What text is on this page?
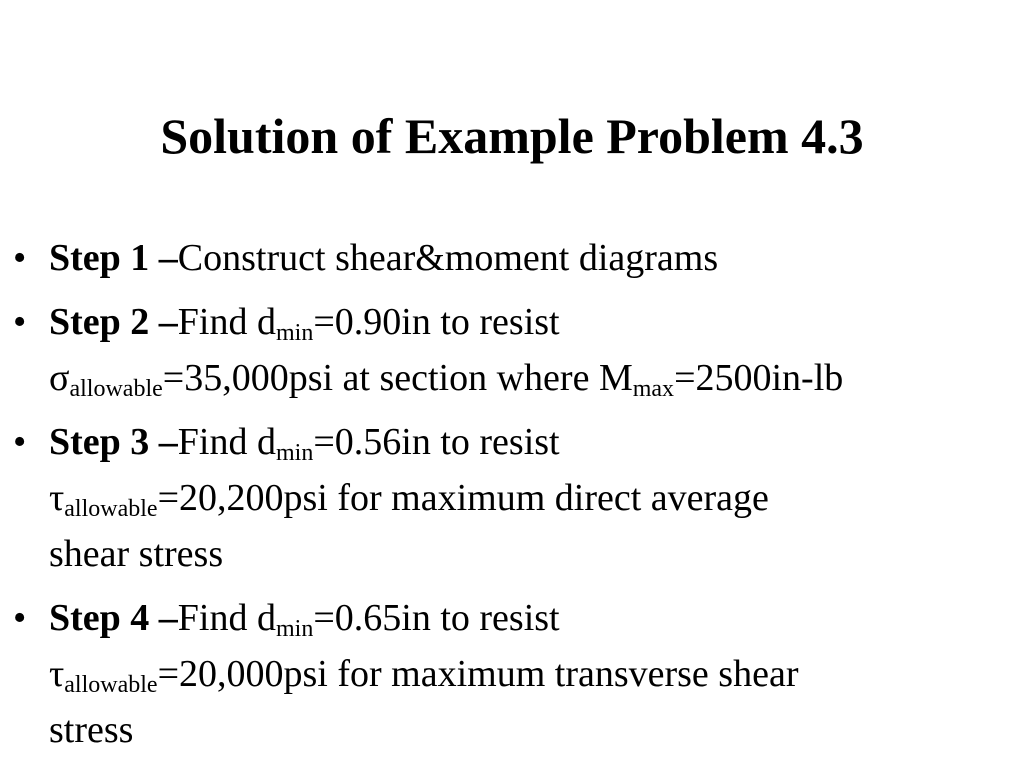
Solution of Example Problem 4.3
• Step 1 –Construct shear&moment diagrams
• Step 2 –Find $d_{min}=0.90in$ to resist
$\sigma_{allowable}=35,000psi$ at section where $M_{max}=2500in-lb$
• Step 3 –Find $d_{min}=0.56in$ to resist
$\tau_{allowable}=20,200psi$ for maximum direct average
shear stress
• Step 4 –Find $d_{min}=0.65in$ to resist
$\tau_{allowable}=20,000psi$ for maximum transverse shear
stress
